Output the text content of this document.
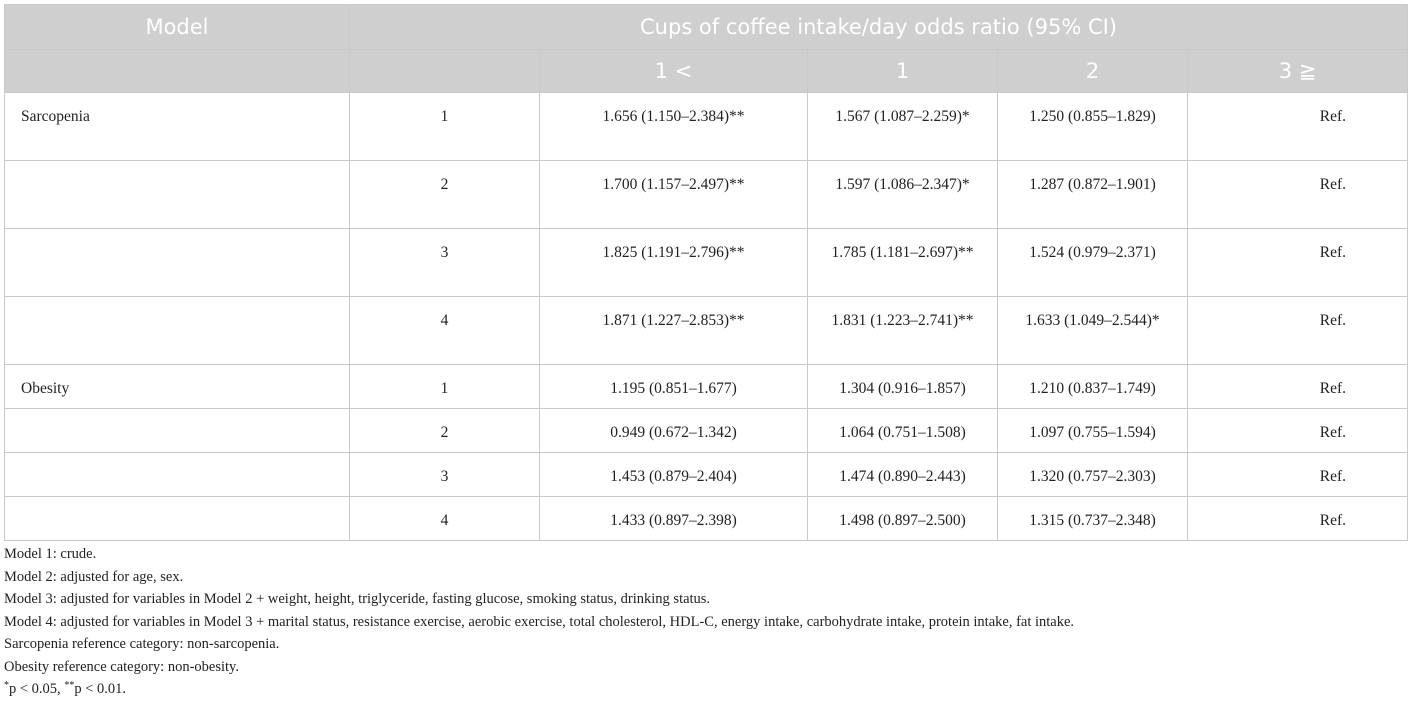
Model	Cups of coffee intake/day odds ratio (95% CI)				
		1 <	1	2	3 ≧
Sarcopenia	1	1.656 (1.150–2.384)**	1.567 (1.087–2.259)*	1.250 (0.855–1.829)	Ref.
	2	1.700 (1.157–2.497)**	1.597 (1.086–2.347)*	1.287 (0.872–1.901)	Ref.
	3	1.825 (1.191–2.796)**	1.785 (1.181–2.697)**	1.524 (0.979–2.371)	Ref.
	4	1.871 (1.227–2.853)**	1.831 (1.223–2.741)**	1.633 (1.049–2.544)*	Ref.
Obesity	1	1.195 (0.851–1.677)	1.304 (0.916–1.857)	1.210 (0.837–1.749)	Ref.
	2	0.949 (0.672–1.342)	1.064 (0.751–1.508)	1.097 (0.755–1.594)	Ref.
	3	1.453 (0.879–2.404)	1.474 (0.890–2.443)	1.320 (0.757–2.303)	Ref.
	4	1.433 (0.897–2.398)	1.498 (0.897–2.500)	1.315 (0.737–2.348)	Ref.
Model 1: crude.
Model 2: adjusted for age, sex.
Model 3: adjusted for variables in Model 2 + weight, height, triglyceride, fasting glucose, smoking status, drinking status.
Model 4: adjusted for variables in Model 3 + marital status, resistance exercise, aerobic exercise, total cholesterol, HDL-C, energy intake, carbohydrate intake, protein intake, fat intake.
Sarcopenia reference category: non-sarcopenia.
Obesity reference category: non-obesity.
*p < 0.05, **p < 0.01.
